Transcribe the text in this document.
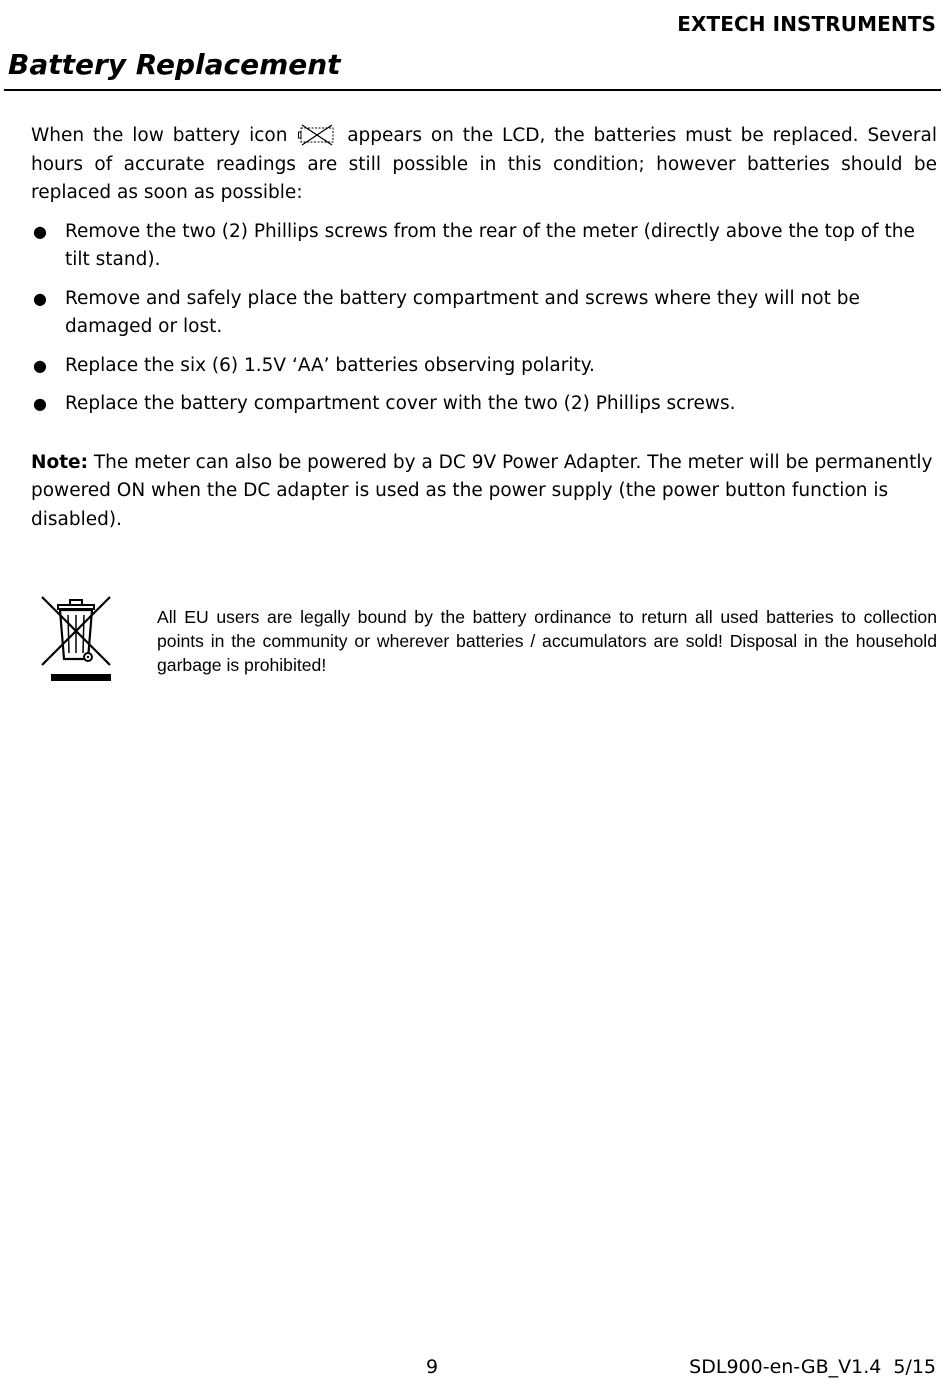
EXTECH INSTRUMENTS
Battery Replacement

When the low battery icon	appears on the LCD, the batteries must be replaced. Several hours of accurate readings are still possible in this condition; however batteries should be replaced as soon as possible:

● Remove the two (2) Phillips screws from the rear of the meter (directly above the top of the tilt stand).
● Remove and safely place the battery compartment and screws where they will not be damaged or lost.
● Replace the six (6) 1.5V ‘AA’ batteries observing polarity.
● Replace the battery compartment cover with the two (2) Phillips screws.

Note: The meter can also be powered by a DC 9V Power Adapter. The meter will be permanently powered ON when the DC adapter is used as the power supply (the power button function is disabled).

All EU users are legally bound by the battery ordinance to return all used batteries to collection points in the community or wherever batteries / accumulators are sold! Disposal in the household garbage is prohibited!
9	SDL900-en-GB_V1.4 5/15
